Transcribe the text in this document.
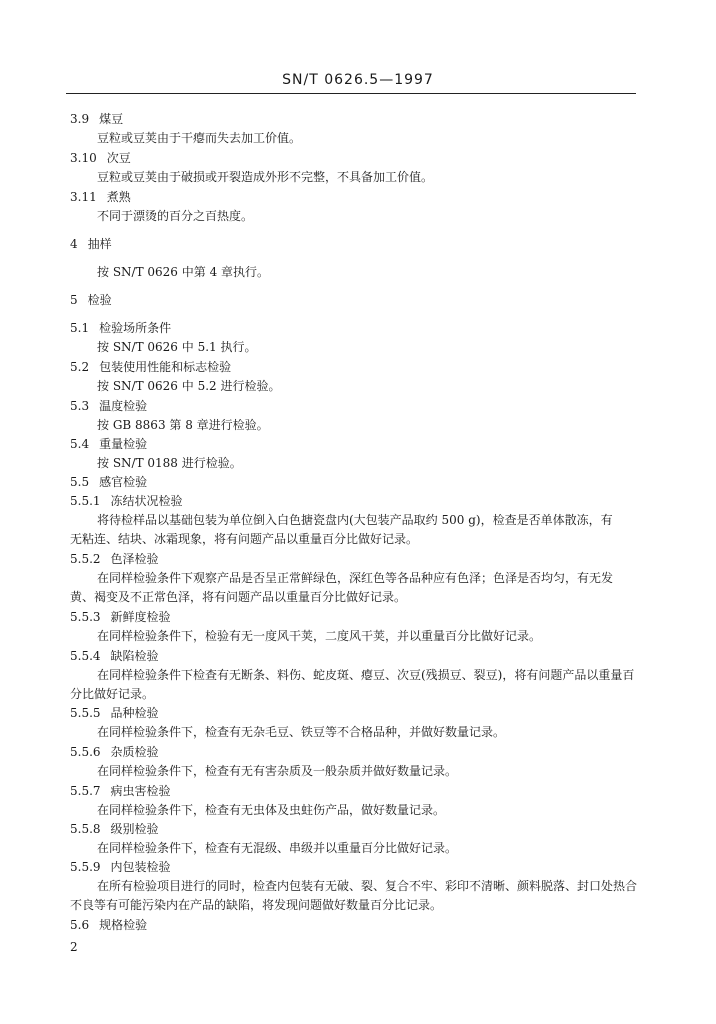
SN/T 0626.5—1997
3.9 煤豆
豆粒或豆荚由于干瘪而失去加工价值。
3.10 次豆
豆粒或豆荚由于破损或开裂造成外形不完整，不具备加工价值。
3.11 煮熟
不同于漂烫的百分之百热度。
4 抽样
按 SN/T 0626 中第 4 章执行。
5 检验
5.1 检验场所条件
按 SN/T 0626 中 5.1 执行。
5.2 包装使用性能和标志检验
按 SN/T 0626 中 5.2 进行检验。
5.3 温度检验
按 GB 8863 第 8 章进行检验。
5.4 重量检验
按 SN/T 0188 进行检验。
5.5 感官检验
5.5.1 冻结状况检验
将待检样品以基础包装为单位倒入白色搪瓷盘内(大包装产品取约 500 g)，检查是否单体散冻，有
无粘连、结块、冰霜现象，将有问题产品以重量百分比做好记录。
5.5.2 色泽检验
在同样检验条件下观察产品是否呈正常鲜绿色，深红色等各品种应有色泽；色泽是否均匀，有无发
黄、褐变及不正常色泽，将有问题产品以重量百分比做好记录。
5.5.3 新鲜度检验
在同样检验条件下，检验有无一度风干荚，二度风干荚，并以重量百分比做好记录。
5.5.4 缺陷检验
在同样检验条件下检查有无断条、料伤、蛇皮斑、瘪豆、次豆(残损豆、裂豆)，将有问题产品以重量百
分比做好记录。
5.5.5 品种检验
在同样检验条件下，检查有无杂毛豆、铁豆等不合格品种，并做好数量记录。
5.5.6 杂质检验
在同样检验条件下，检查有无有害杂质及一般杂质并做好数量记录。
5.5.7 病虫害检验
在同样检验条件下，检查有无虫体及虫蛀伤产品，做好数量记录。
5.5.8 级别检验
在同样检验条件下，检查有无混级、串级并以重量百分比做好记录。
5.5.9 内包装检验
在所有检验项目进行的同时，检查内包装有无破、裂、复合不牢、彩印不清晰、颜料脱落、封口处热合
不良等有可能污染内在产品的缺陷，将发现问题做好数量百分比记录。
5.6 规格检验
2
